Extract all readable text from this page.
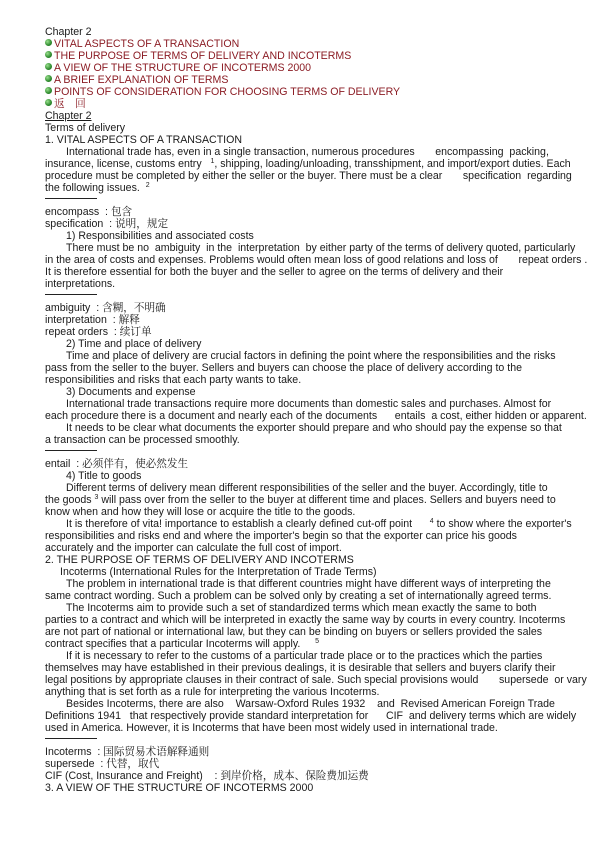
Chapter 2
VITAL ASPECTS OF A TRANSACTION
THE PURPOSE OF TERMS OF DELIVERY AND INCOTERMS
A VIEW OF THE STRUCTURE OF INCOTERMS 2000
A BRIEF EXPLANATION OF TERMS
POINTS OF CONSIDERATION FOR CHOOSING TERMS OF DELIVERY
返　回
Chapter 2
Terms of delivery
1. VITAL ASPECTS OF A TRANSACTION
International trade has, even in a single transaction, numerous procedures       encompassing  packing,
insurance, license, customs entry   $^1$, shipping, loading/unloading, transshipment, and import/export duties. Each
procedure must be completed by either the seller or the buyer. There must be a clear       specification  regarding
the following issues.  $^2$
encompass  : 包含
specification  : 说明，规定
1) Responsibilities and associated costs
There must be no  ambiguity  in the  interpretation  by either party of the terms of delivery quoted, particularly
in the area of costs and expenses. Problems would often mean loss of good relations and loss of       repeat orders .
It is therefore essential for both the buyer and the seller to agree on the terms of delivery and their
interpretations.
ambiguity  : 含糊，不明确
interpretation  : 解释
repeat orders  : 续订单
2) Time and place of delivery
Time and place of delivery are crucial factors in defining the point where the responsibilities and the risks
pass from the seller to the buyer. Sellers and buyers can choose the place of delivery according to the
responsibilities and risks that each party wants to take.
3) Documents and expense
International trade transactions require more documents than domestic sales and purchases. Almost for
each procedure there is a document and nearly each of the documents      entails  a cost, either hidden or apparent.
It needs to be clear what documents the exporter should prepare and who should pay the expense so that
a transaction can be processed smoothly.
entail  : 必须伴有，使必然发生
4) Title to goods
Different terms of delivery mean different responsibilities of the seller and the buyer. Accordingly, title to
the goods $^3$ will pass over from the seller to the buyer at different time and places. Sellers and buyers need to
know when and how they will lose or acquire the title to the goods.
It is therefore of vita! importance to establish a clearly defined cut-off point      $^4$ to show where the exporter's
responsibilities and risks end and where the importer's begin so that the exporter can price his goods
accurately and the importer can calculate the full cost of import.
2. THE PURPOSE OF TERMS OF DELIVERY AND INCOTERMS
Incoterms (International Rules for the Interpretation of Trade Terms)
The problem in international trade is that different countries might have different ways of interpreting the
same contract wording. Such a problem can be solved only by creating a set of internationally agreed terms.
The Incoterms aim to provide such a set of standardized terms which mean exactly the same to both
parties to a contract and which will be interpreted in exactly the same way by courts in every country. Incoterms
are not part of national or international law, but they can be binding on buyers or sellers provided the sales
contract specifies that a particular Incoterms will apply.     $^5$
If it is necessary to refer to the customs of a particular trade place or to the practices which the parties
themselves may have established in their previous dealings, it is desirable that sellers and buyers clarify their
legal positions by appropriate clauses in their contract of sale. Such special provisions would       supersede  or vary
anything that is set forth as a rule for interpreting the various Incoterms.
Besides Incoterms, there are also    Warsaw-Oxford Rules 1932    and  Revised American Foreign Trade
Definitions 1941   that respectively provide standard interpretation for      CIF  and delivery terms which are widely
used in America. However, it is Incoterms that have been most widely used in international trade.
Incoterms  : 国际贸易术语解释通则
supersede  : 代替，取代
CIF (Cost, Insurance and Freight)    : 到岸价格，成本、保险费加运费
3. A VIEW OF THE STRUCTURE OF INCOTERMS 2000
